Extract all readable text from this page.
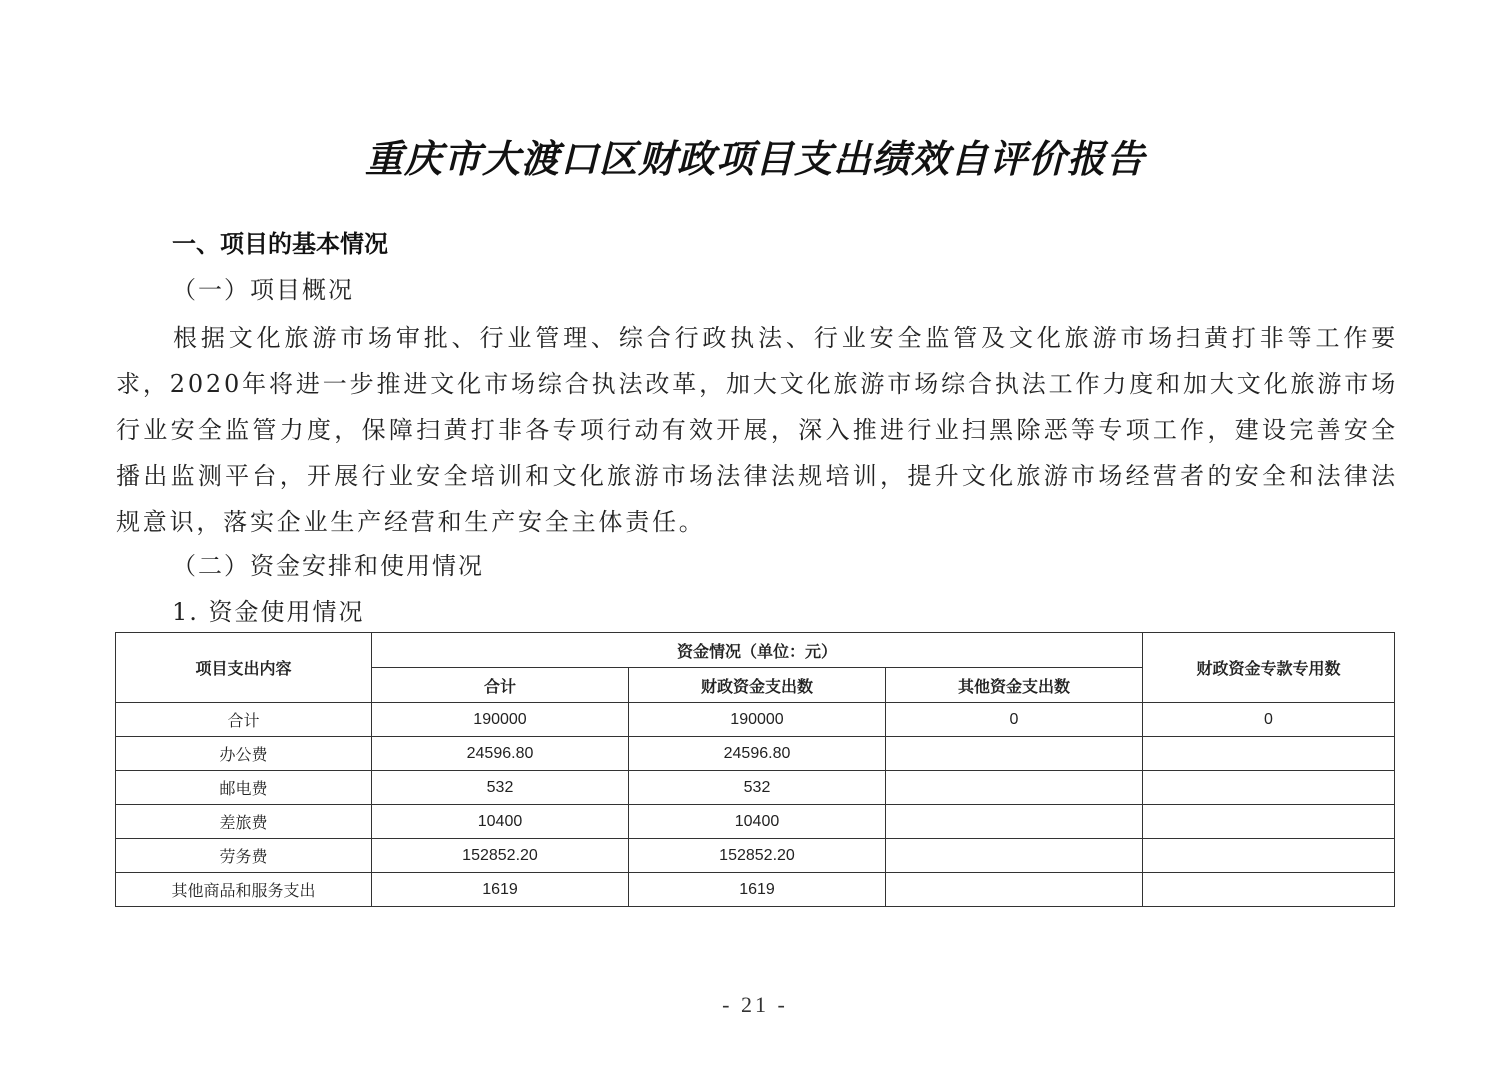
重庆市大渡口区财政项目支出绩效自评价报告
一、项目的基本情况
（一）项目概况
根据文化旅游市场审批、行业管理、综合行政执法、行业安全监管及文化旅游市场扫黄打非等工作要求，2020年将进一步推进文化市场综合执法改革，加大文化旅游市场综合执法工作力度和加大文化旅游市场行业安全监管力度，保障扫黄打非各专项行动有效开展，深入推进行业扫黑除恶等专项工作，建设完善安全播出监测平台，开展行业安全培训和文化旅游市场法律法规培训，提升文化旅游市场经营者的安全和法律法规意识，落实企业生产经营和生产安全主体责任。
（二）资金安排和使用情况
1. 资金使用情况
项目支出内容	资金情况（单位：元）			财政资金专款专用数
	合计	财政资金支出数	其他资金支出数	
合计	190000	190000	0	0
办公费	24596.80	24596.80		
邮电费	532	532		
差旅费	10400	10400		
劳务费	152852.20	152852.20		
其他商品和服务支出	1619	1619		
- 21 -
